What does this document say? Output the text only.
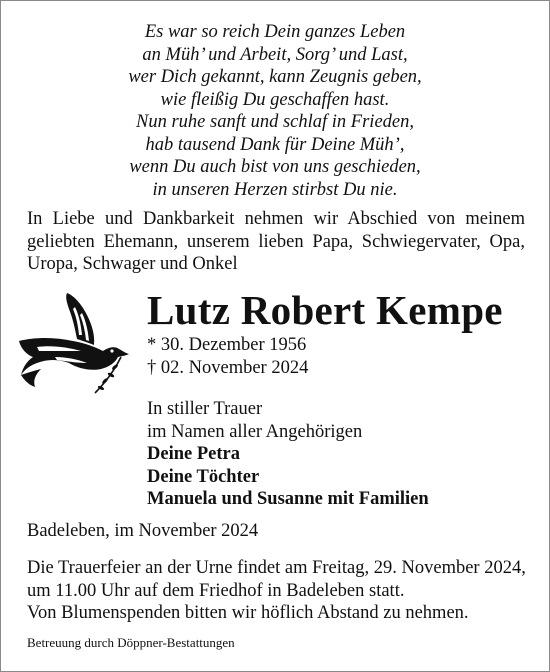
Es war so reich Dein ganzes Leben
an Müh’ und Arbeit, Sorg’ und Last,
wer Dich gekannt, kann Zeugnis geben,
wie fleißig Du geschaffen hast.
Nun ruhe sanft und schlaf in Frieden,
hab tausend Dank für Deine Müh’,
wenn Du auch bist von uns geschieden,
in unseren Herzen stirbst Du nie.
In Liebe und Dankbarkeit nehmen wir Abschied von meinem geliebten Ehemann, unserem lieben Papa, Schwiegervater, Opa, Uropa, Schwager und Onkel
Lutz Robert Kempe
* 30. Dezember 1956
† 02. November 2024
In stiller Trauer
im Namen aller Angehörigen
Deine Petra
Deine Töchter
Manuela und Susanne mit Familien
Badeleben, im November 2024
Die Trauerfeier an der Urne findet am Freitag, 29. November 2024,
um 11.00 Uhr auf dem Friedhof in Badeleben statt.
Von Blumenspenden bitten wir höflich Abstand zu nehmen.
Betreuung durch Döppner-Bestattungen
